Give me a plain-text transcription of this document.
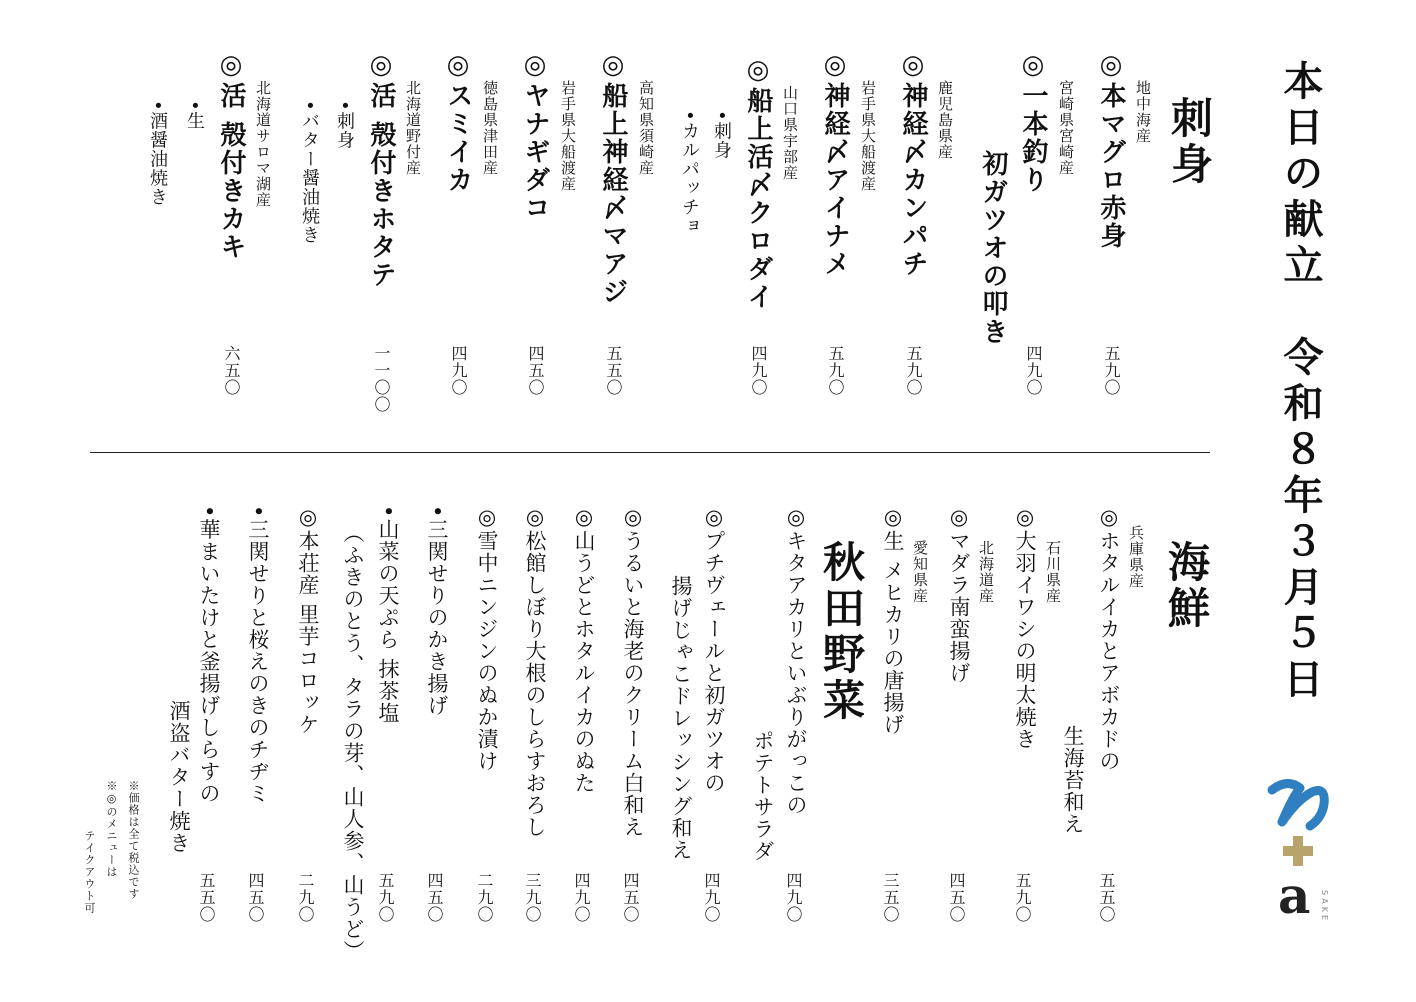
本日の献立　令和８年３月５日
刺身
地中海産
◎本マグロ赤身
五九〇
宮崎県宮崎産
◎一本釣り
初ガツオの叩き
四九〇
鹿児島県産
◎神経〆カンパチ
五九〇
岩手県大船渡産
◎神経〆アイナメ
五九〇
山口県宇部産
◎船上活〆クロダイ
•刺身
•カルパッチョ
四九〇
高知県須崎産
◎船上神経〆マアジ
五五〇
岩手県大船渡産
◎ヤナギダコ
四五〇
徳島県津田産
◎スミイカ
四九〇
北海道野付産
◎活 殻付きホタテ
•刺身
•バター醤油焼き
一一〇〇
北海道サロマ湖産
◎活 殻付きカキ
•生
•酒醤油焼き
六五〇
海鮮
兵庫県産
◎ホタルイカとアボカドの
生海苔和え
五五〇
石川県産
◎大羽イワシの明太焼き
五九〇
北海道産
◎マダラ南蛮揚げ
四五〇
愛知県産
◎生 メヒカリの唐揚げ
三五〇
秋田野菜
◎キタアカリといぶりがっこの
ポテトサラダ
四九〇
◎プチヴェールと初ガツオの
揚げじゃこドレッシング和え
四九〇
◎うるいと海老のクリーム白和え
四五〇
◎山うどとホタルイカのぬた
四九〇
◎松館しぼり大根のしらすおろし
三九〇
◎雪中ニンジンのぬか漬け
二九〇
•三関せりのかき揚げ
四五〇
•山菜の天ぷら 抹茶塩
（ふきのとう、タラの芽、山人参、山うど） 五九〇
◎本荘産 里芋コロッケ
二九〇
•三関せりと桜えのきのチヂミ
四五〇
•華まいたけと釜揚げしらすの
酒盗バター焼き
五五〇
※価格は全て税込です
※◎のメニューは
テイクアウト可	a SAKE
